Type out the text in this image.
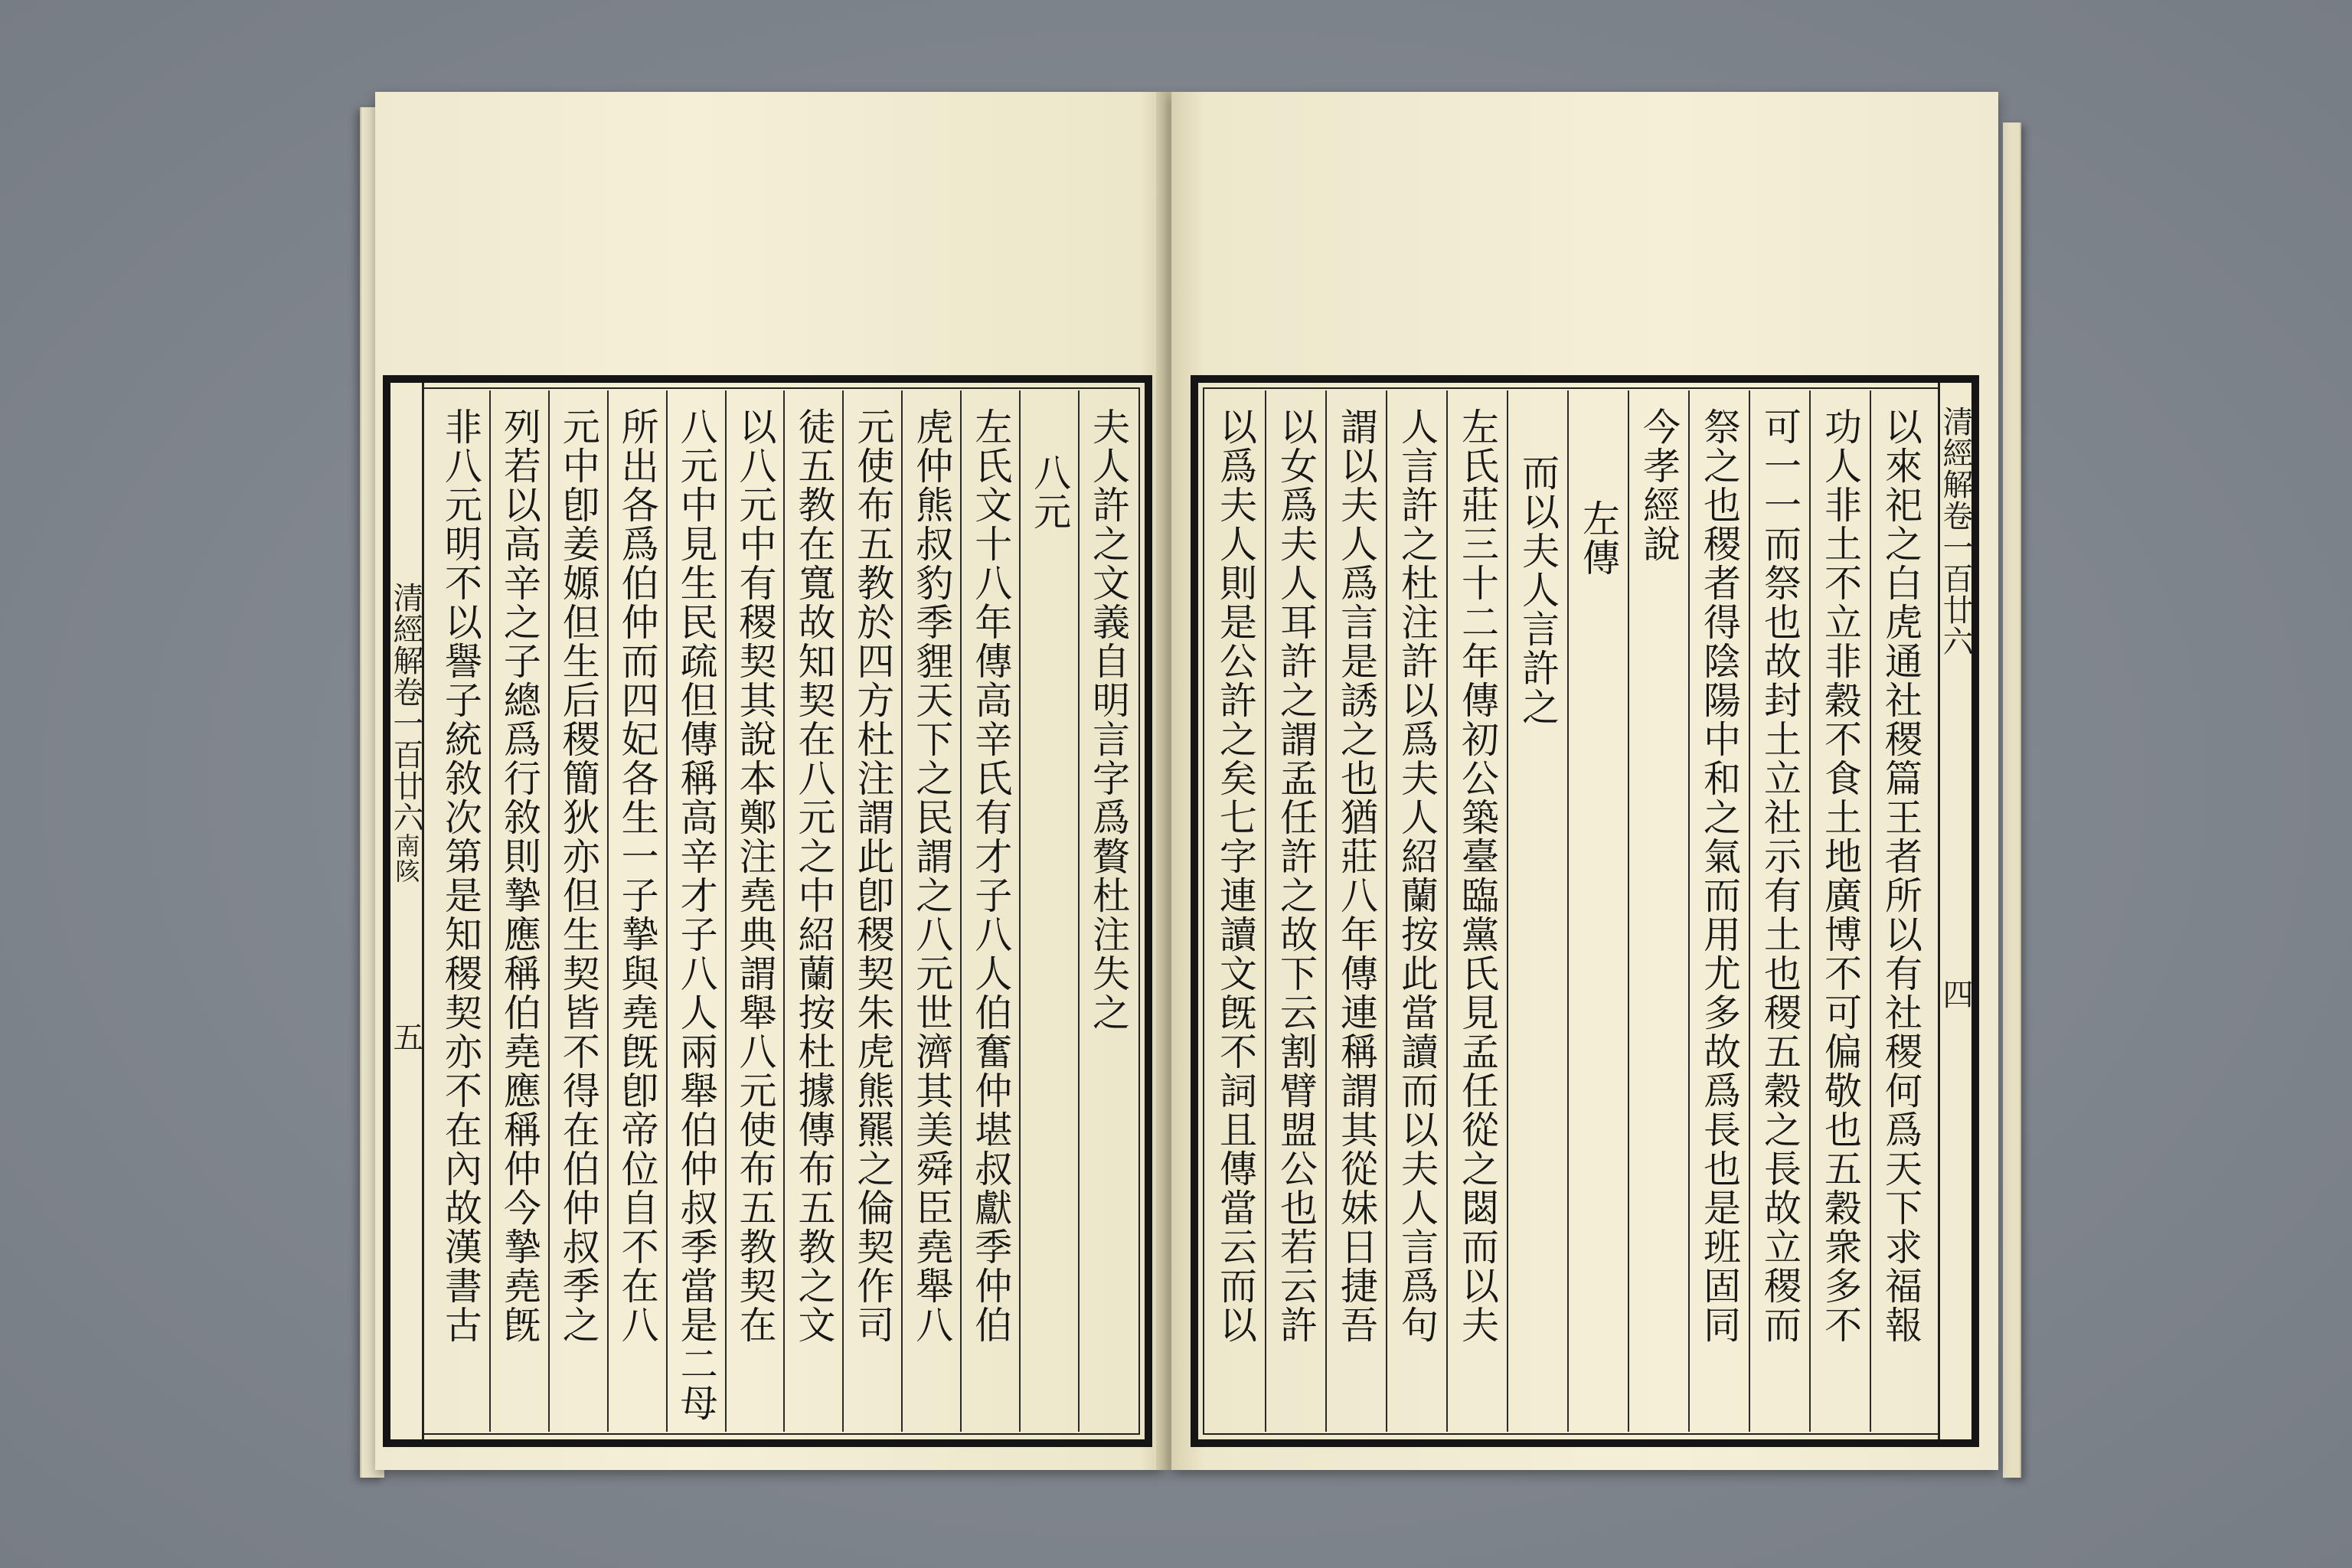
夫人許之文義自明言字爲贅杜注失之
八元
左氏文十八年傳高辛氏有才子八人伯奮仲堪叔獻季仲伯
虎仲熊叔豹季貍天下之民謂之八元世濟其美舜臣堯舉八
元使布五教於四方杜注謂此卽稷契朱虎熊羆之倫契作司
徒五教在寬故知契在八元之中紹蘭按杜據傳布五教之文
以八元中有稷契其說本鄭注堯典謂舉八元使布五教契在
八元中見生民疏但傳稱高辛才子八人兩舉伯仲叔季當是二母
所出各爲伯仲而四妃各生一子摯與堯旣卽帝位自不在八
元中卽姜嫄但生后稷簡狄亦但生契皆不得在伯仲叔季之
列若以高辛之子總爲行敘則摯應稱伯堯應稱仲今摯堯旣
非八元明不以譽子統敘次第是知稷契亦不在內故漢書古
清經解卷一百廿六
南陔
五	以來祀之白虎通社稷篇王者所以有社稷何爲天下求福報
功人非土不立非穀不食土地廣博不可偏敬也五穀衆多不
可一一而祭也故封土立社示有土也稷五穀之長故立稷而
祭之也稷者得陰陽中和之氣而用尤多故爲長也是班固同
今孝經說
左傳
而以夫人言許之
左氏莊三十二年傳初公築臺臨黨氏見孟任從之閟而以夫
人言許之杜注許以爲夫人紹蘭按此當讀而以夫人言爲句
謂以夫人爲言是誘之也猶莊八年傳連稱謂其從妹日捷吾
以女爲夫人耳許之謂孟任許之故下云割臂盟公也若云許
以爲夫人則是公許之矣七字連讀文旣不詞且傳當云而以	清經解卷一百廿六
四
